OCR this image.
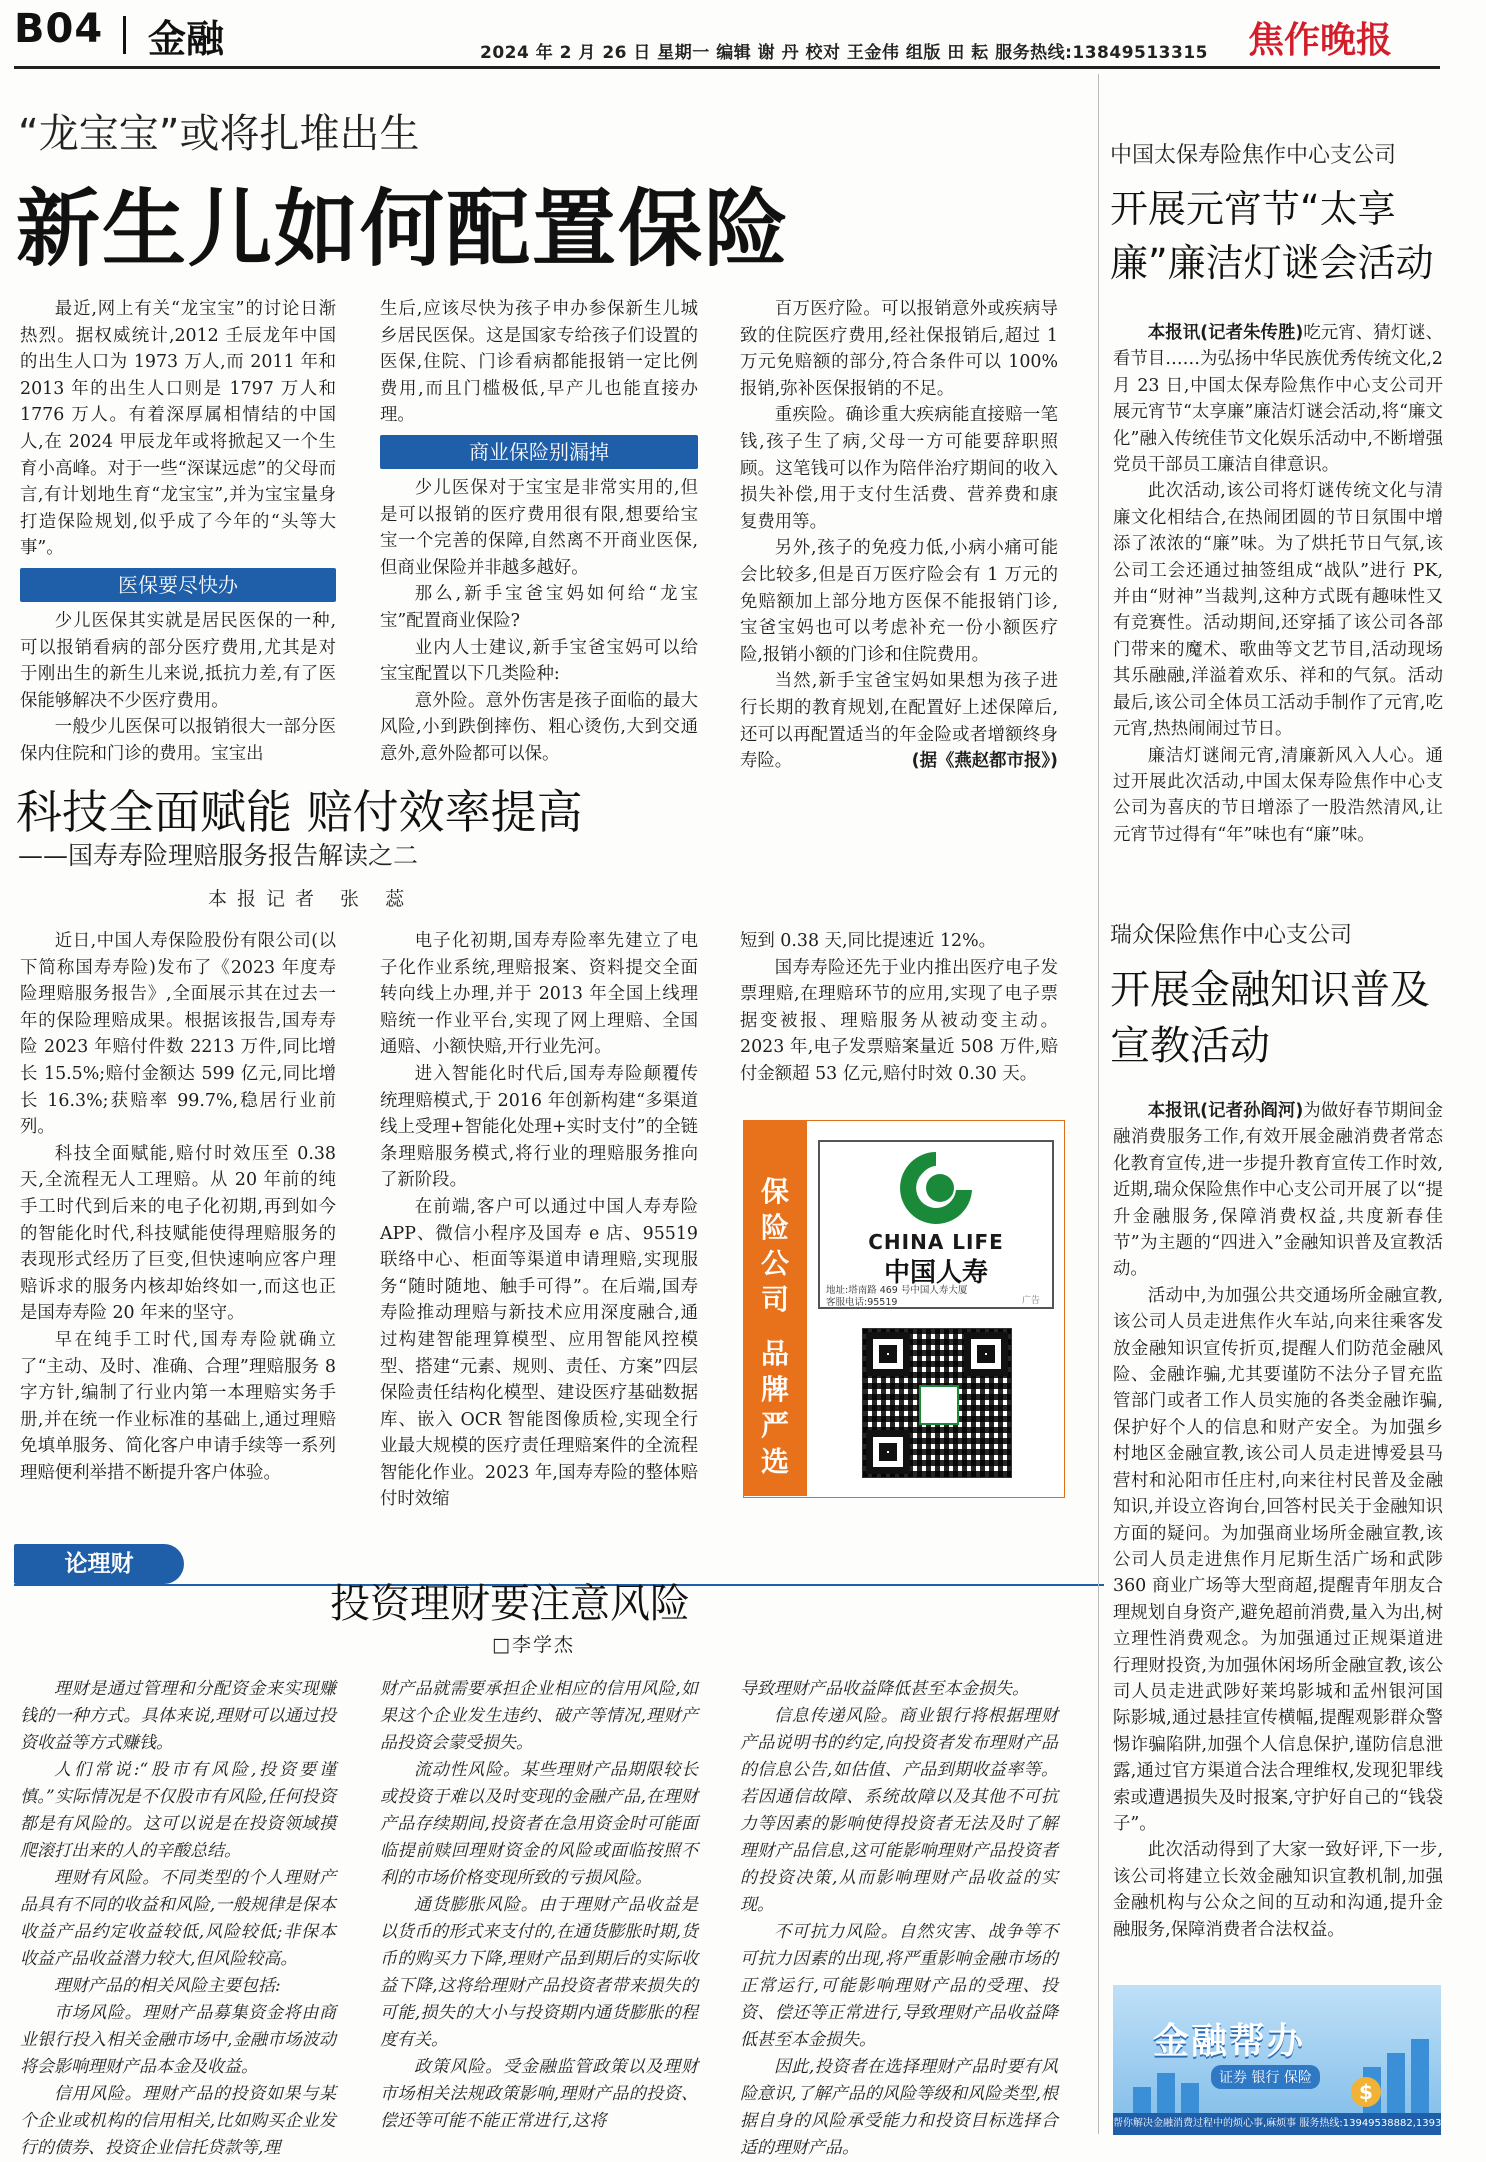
B04 金融	2024 年 2 月 26 日 星期一 编辑 谢 丹 校对 王金伟 组版 田 耘 服务热线:13849513315 焦作晚报
“龙宝宝”或将扎堆出生
新生儿如何配置保险

最近,网上有关“龙宝宝”的讨论日渐热烈。据权威统计,2012 壬辰龙年中国的出生人口为 1973 万人,而 2011 年和 2013 年的出生人口则是 1797 万人和 1776 万人。有着深厚属相情结的中国人,在 2024 甲辰龙年或将掀起又一个生育小高峰。对于一些“深谋远虑”的父母而言,有计划地生育“龙宝宝”,并为宝宝量身打造保险规划,似乎成了今年的“头等大事”。

医保要尽快办

少儿医保其实就是居民医保的一种,可以报销看病的部分医疗费用,尤其是对于刚出生的新生儿来说,抵抗力差,有了医保能够解决不少医疗费用。

一般少儿医保可以报销很大一部分医保内住院和门诊的费用。宝宝出

生后,应该尽快为孩子申办参保新生儿城乡居民医保。这是国家专给孩子们设置的医保,住院、门诊看病都能报销一定比例费用,而且门槛极低,早产儿也能直接办理。

商业保险别漏掉

少儿医保对于宝宝是非常实用的,但是可以报销的医疗费用很有限,想要给宝宝一个完善的保障,自然离不开商业医保,但商业保险并非越多越好。

那么,新手宝爸宝妈如何给“龙宝宝”配置商业保险?

业内人士建议,新手宝爸宝妈可以给宝宝配置以下几类险种:

意外险。意外伤害是孩子面临的最大风险,小到跌倒摔伤、粗心烫伤,大到交通意外,意外险都可以保。

百万医疗险。可以报销意外或疾病导致的住院医疗费用,经社保报销后,超过 1 万元免赔额的部分,符合条件可以 100%报销,弥补医保报销的不足。

重疾险。确诊重大疾病能直接赔一笔钱,孩子生了病,父母一方可能要辞职照顾。这笔钱可以作为陪伴治疗期间的收入损失补偿,用于支付生活费、营养费和康复费用等。

另外,孩子的免疫力低,小病小痛可能会比较多,但是百万医疗险会有 1 万元的免赔额加上部分地方医保不能报销门诊,宝爸宝妈也可以考虑补充一份小额医疗险,报销小额的门诊和住院费用。

当然,新手宝爸宝妈如果想为孩子进行长期的教育规划,在配置好上述保障后,还可以再配置适当的年金险或者增额终身寿险。	(据《燕赵都市报》)

科技全面赋能 赔付效率提高
——国寿寿险理赔服务报告解读之二
本报记者 张 蕊

近日,中国人寿保险股份有限公司(以下简称国寿寿险)发布了《2023 年度寿险理赔服务报告》,全面展示其在过去一年的保险理赔成果。根据该报告,国寿寿险 2023 年赔付件数 2213 万件,同比增长 15.5%;赔付金额达 599 亿元,同比增长 16.3%;获赔率 99.7%,稳居行业前列。

科技全面赋能,赔付时效压至 0.38 天,全流程无人工理赔。从 20 年前的纯手工时代到后来的电子化初期,再到如今的智能化时代,科技赋能使得理赔服务的表现形式经历了巨变,但快速响应客户理赔诉求的服务内核却始终如一,而这也正是国寿寿险 20 年来的坚守。

早在纯手工时代,国寿寿险就确立了“主动、及时、准确、合理”理赔服务 8 字方针,编制了行业内第一本理赔实务手册,并在统一作业标准的基础上,通过理赔免填单服务、简化客户申请手续等一系列理赔便利举措不断提升客户体验。

电子化初期,国寿寿险率先建立了电子化作业系统,理赔报案、资料提交全面转向线上办理,并于 2013 年全国上线理赔统一作业平台,实现了网上理赔、全国通赔、小额快赔,开行业先河。

进入智能化时代后,国寿寿险颠覆传统理赔模式,于 2016 年创新构建“多渠道线上受理+智能化处理+实时支付”的全链条理赔服务模式,将行业的理赔服务推向了新阶段。

在前端,客户可以通过中国人寿寿险 APP、微信小程序及国寿 e 店、95519 联络中心、柜面等渠道申请理赔,实现服务“随时随地、触手可得”。在后端,国寿寿险推动理赔与新技术应用深度融合,通过构建智能理算模型、应用智能风控模型、搭建“元素、规则、责任、方案”四层保险责任结构化模型、建设医疗基础数据库、嵌入 OCR 智能图像质检,实现全行业最大规模的医疗责任理赔案件的全流程智能化作业。2023 年,国寿寿险的整体赔付时效缩

短到 0.38 天,同比提速近 12%。

国寿寿险还先于业内推出医疗电子发票理赔,在理赔环节的应用,实现了电子票据变被报、理赔服务从被动变主动。2023 年,电子发票赔案量近 508 万件,赔付金额超 53 亿元,赔付时效 0.30 天。

保险公司
品牌严选
CHINA LIFE
中国人寿
地址:塔南路 469 号中国人寿大厦
客服电话:95519	广告
论理财
投资理财要注意风险
□李学杰

理财是通过管理和分配资金来实现赚钱的一种方式。具体来说,理财可以通过投资收益等方式赚钱。

人们常说:“股市有风险,投资要谨慎。”实际情况是不仅股市有风险,任何投资都是有风险的。这可以说是在投资领域摸爬滚打出来的人的辛酸总结。

理财有风险。不同类型的个人理财产品具有不同的收益和风险,一般规律是保本收益产品约定收益较低,风险较低;非保本收益产品收益潜力较大,但风险较高。

理财产品的相关风险主要包括:

市场风险。理财产品募集资金将由商业银行投入相关金融市场中,金融市场波动将会影响理财产品本金及收益。

信用风险。理财产品的投资如果与某个企业或机构的信用相关,比如购买企业发行的债券、投资企业信托贷款等,理

财产品就需要承担企业相应的信用风险,如果这个企业发生违约、破产等情况,理财产品投资会蒙受损失。

流动性风险。某些理财产品期限较长或投资于难以及时变现的金融产品,在理财产品存续期间,投资者在急用资金时可能面临提前赎回理财资金的风险或面临按照不利的市场价格变现所致的亏损风险。

通货膨胀风险。由于理财产品收益是以货币的形式来支付的,在通货膨胀时期,货币的购买力下降,理财产品到期后的实际收益下降,这将给理财产品投资者带来损失的可能,损失的大小与投资期内通货膨胀的程度有关。

政策风险。受金融监管政策以及理财市场相关法规政策影响,理财产品的投资、偿还等可能不能正常进行,这将

导致理财产品收益降低甚至本金损失。

信息传递风险。商业银行将根据理财产品说明书的约定,向投资者发布理财产品的信息公告,如估值、产品到期收益率等。若因通信故障、系统故障以及其他不可抗力等因素的影响使得投资者无法及时了解理财产品信息,这可能影响理财产品投资者的投资决策,从而影响理财产品收益的实现。

不可抗力风险。自然灾害、战争等不可抗力因素的出现,将严重影响金融市场的正常运行,可能影响理财产品的受理、投资、偿还等正常进行,导致理财产品收益降低甚至本金损失。

因此,投资者在选择理财产品时要有风险意识,了解产品的风险等级和风险类型,根据自身的风险承受能力和投资目标选择合适的理财产品。

中国太保寿险焦作中心支公司
开展元宵节“太享廉”廉洁灯谜会活动

本报讯(记者朱传胜)吃元宵、猜灯谜、看节目……为弘扬中华民族优秀传统文化,2 月 23 日,中国太保寿险焦作中心支公司开展元宵节“太享廉”廉洁灯谜会活动,将“廉文化”融入传统佳节文化娱乐活动中,不断增强党员干部员工廉洁自律意识。

此次活动,该公司将灯谜传统文化与清廉文化相结合,在热闹团圆的节日氛围中增添了浓浓的“廉”味。为了烘托节日气氛,该公司工会还通过抽签组成“战队”进行 PK,并由“财神”当裁判,这种方式既有趣味性又有竞赛性。活动期间,还穿插了该公司各部门带来的魔术、歌曲等文艺节目,活动现场其乐融融,洋溢着欢乐、祥和的气氛。活动最后,该公司全体员工活动手制作了元宵,吃元宵,热热闹闹过节日。

廉洁灯谜闹元宵,清廉新风入人心。通过开展此次活动,中国太保寿险焦作中心支公司为喜庆的节日增添了一股浩然清风,让元宵节过得有“年”味也有“廉”味。

瑞众保险焦作中心支公司
开展金融知识普及宣教活动

本报讯(记者孙阎河)为做好春节期间金融消费服务工作,有效开展金融消费者常态化教育宣传,进一步提升教育宣传工作时效,近期,瑞众保险焦作中心支公司开展了以“提升金融服务,保障消费权益,共度新春佳节”为主题的“四进入”金融知识普及宣教活动。

活动中,为加强公共交通场所金融宣教,该公司人员走进焦作火车站,向来往乘客发放金融知识宣传折页,提醒人们防范金融风险、金融诈骗,尤其要谨防不法分子冒充监管部门或者工作人员实施的各类金融诈骗,保护好个人的信息和财产安全。为加强乡村地区金融宣教,该公司人员走进博爱县马营村和沁阳市任庄村,向来往村民普及金融知识,并设立咨询台,回答村民关于金融知识方面的疑问。为加强商业场所金融宣教,该公司人员走进焦作月尼斯生活广场和武陟 360 商业广场等大型商超,提醒青年朋友合理规划自身资产,避免超前消费,量入为出,树立理性消费观念。为加强通过正规渠道进行理财投资,为加强休闲场所金融宣教,该公司人员走进武陟好莱坞影城和孟州银河国际影城,通过悬挂宣传横幅,提醒观影群众警惕诈骗陷阱,加强个人信息保护,谨防信息泄露,通过官方渠道合法合理维权,发现犯罪线索或遭遇损失及时报案,守护好自己的“钱袋子”。

此次活动得到了大家一致好评,下一步,该公司将建立长效金融知识宣教机制,加强金融机构与公众之间的互动和沟通,提升金融服务,保障消费者合法权益。

$
金融帮办
证券 银行 保险
帮你解决金融消费过程中的烦心事,麻烦事 服务热线:13949538882,13939125889
